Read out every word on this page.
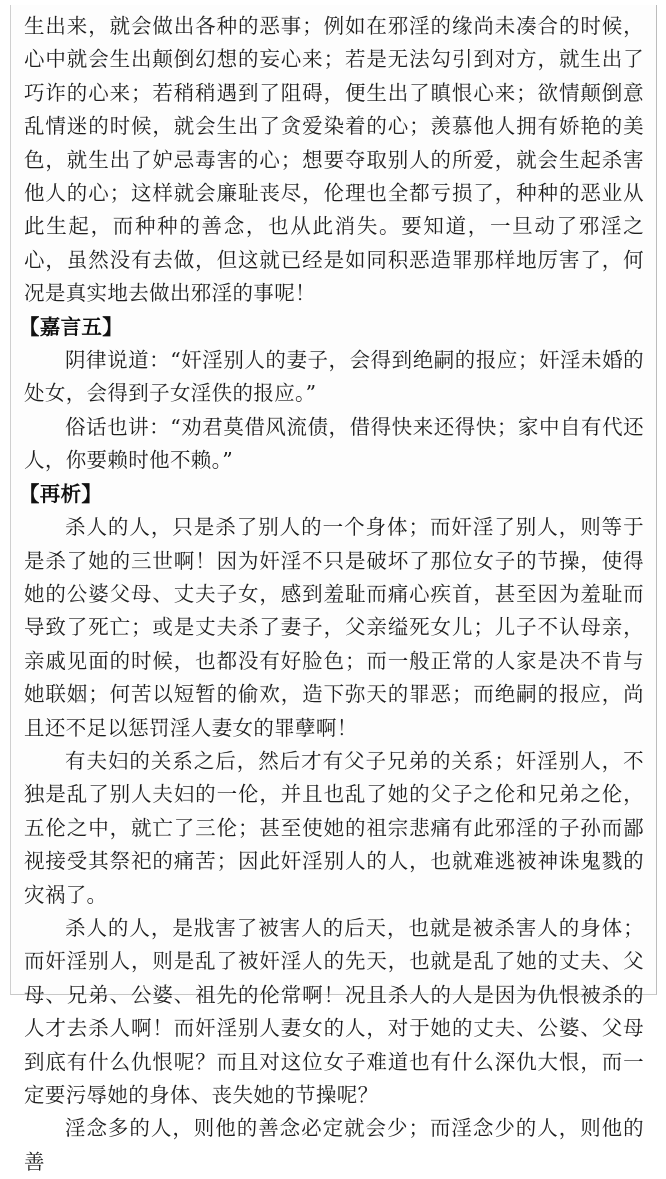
生出来，就会做出各种的恶事；例如在邪淫的缘尚未凑合的时候，心中就会生出颠倒幻想的妄心来；若是无法勾引到对方，就生出了巧诈的心来；若稍稍遇到了阻碍，便生出了瞋恨心来；欲情颠倒意乱情迷的时候，就会生出了贪爱染着的心；羡慕他人拥有娇艳的美色，就生出了妒忌毒害的心；想要夺取别人的所爱，就会生起杀害他人的心；这样就会廉耻丧尽，伦理也全都亏损了，种种的恶业从此生起，而种种的善念，也从此消失。要知道，一旦动了邪淫之心，虽然没有去做，但这就已经是如同积恶造罪那样地厉害了，何况是真实地去做出邪淫的事呢！

【嘉言五】

阴律说道：“奸淫别人的妻子，会得到绝嗣的报应；奸淫未婚的处女，会得到子女淫佚的报应。”

俗话也讲：“劝君莫借风流债，借得快来还得快；家中自有代还人，你要赖时他不赖。”

【再析】

杀人的人，只是杀了别人的一个身体；而奸淫了别人，则等于是杀了她的三世啊！因为奸淫不只是破坏了那位女子的节操，使得她的公婆父母、丈夫子女，感到羞耻而痛心疾首，甚至因为羞耻而导致了死亡；或是丈夫杀了妻子，父亲缢死女儿；儿子不认母亲，亲戚见面的时候，也都没有好脸色；而一般正常的人家是决不肯与她联姻；何苦以短暂的偷欢，造下弥天的罪恶；而绝嗣的报应，尚且还不足以惩罚淫人妻女的罪孽啊！

有夫妇的关系之后，然后才有父子兄弟的关系；奸淫别人，不独是乱了别人夫妇的一伦，并且也乱了她的父子之伦和兄弟之伦，五伦之中，就亡了三伦；甚至使她的祖宗悲痛有此邪淫的子孙而鄙视接受其祭祀的痛苦；因此奸淫别人的人，也就难逃被神诛鬼戮的灾祸了。

杀人的人，是戕害了被害人的后天，也就是被杀害人的身体；而奸淫别人，则是乱了被奸淫人的先天，也就是乱了她的丈夫、父母、兄弟、公婆、祖先的伦常啊！况且杀人的人是因为仇恨被杀的人才去杀人啊！而奸淫别人妻女的人，对于她的丈夫、公婆、父母到底有什么仇恨呢？而且对这位女子难道也有什么深仇大恨，而一定要污辱她的身体、丧失她的节操呢？

淫念多的人，则他的善念必定就会少；而淫念少的人，则他的善
